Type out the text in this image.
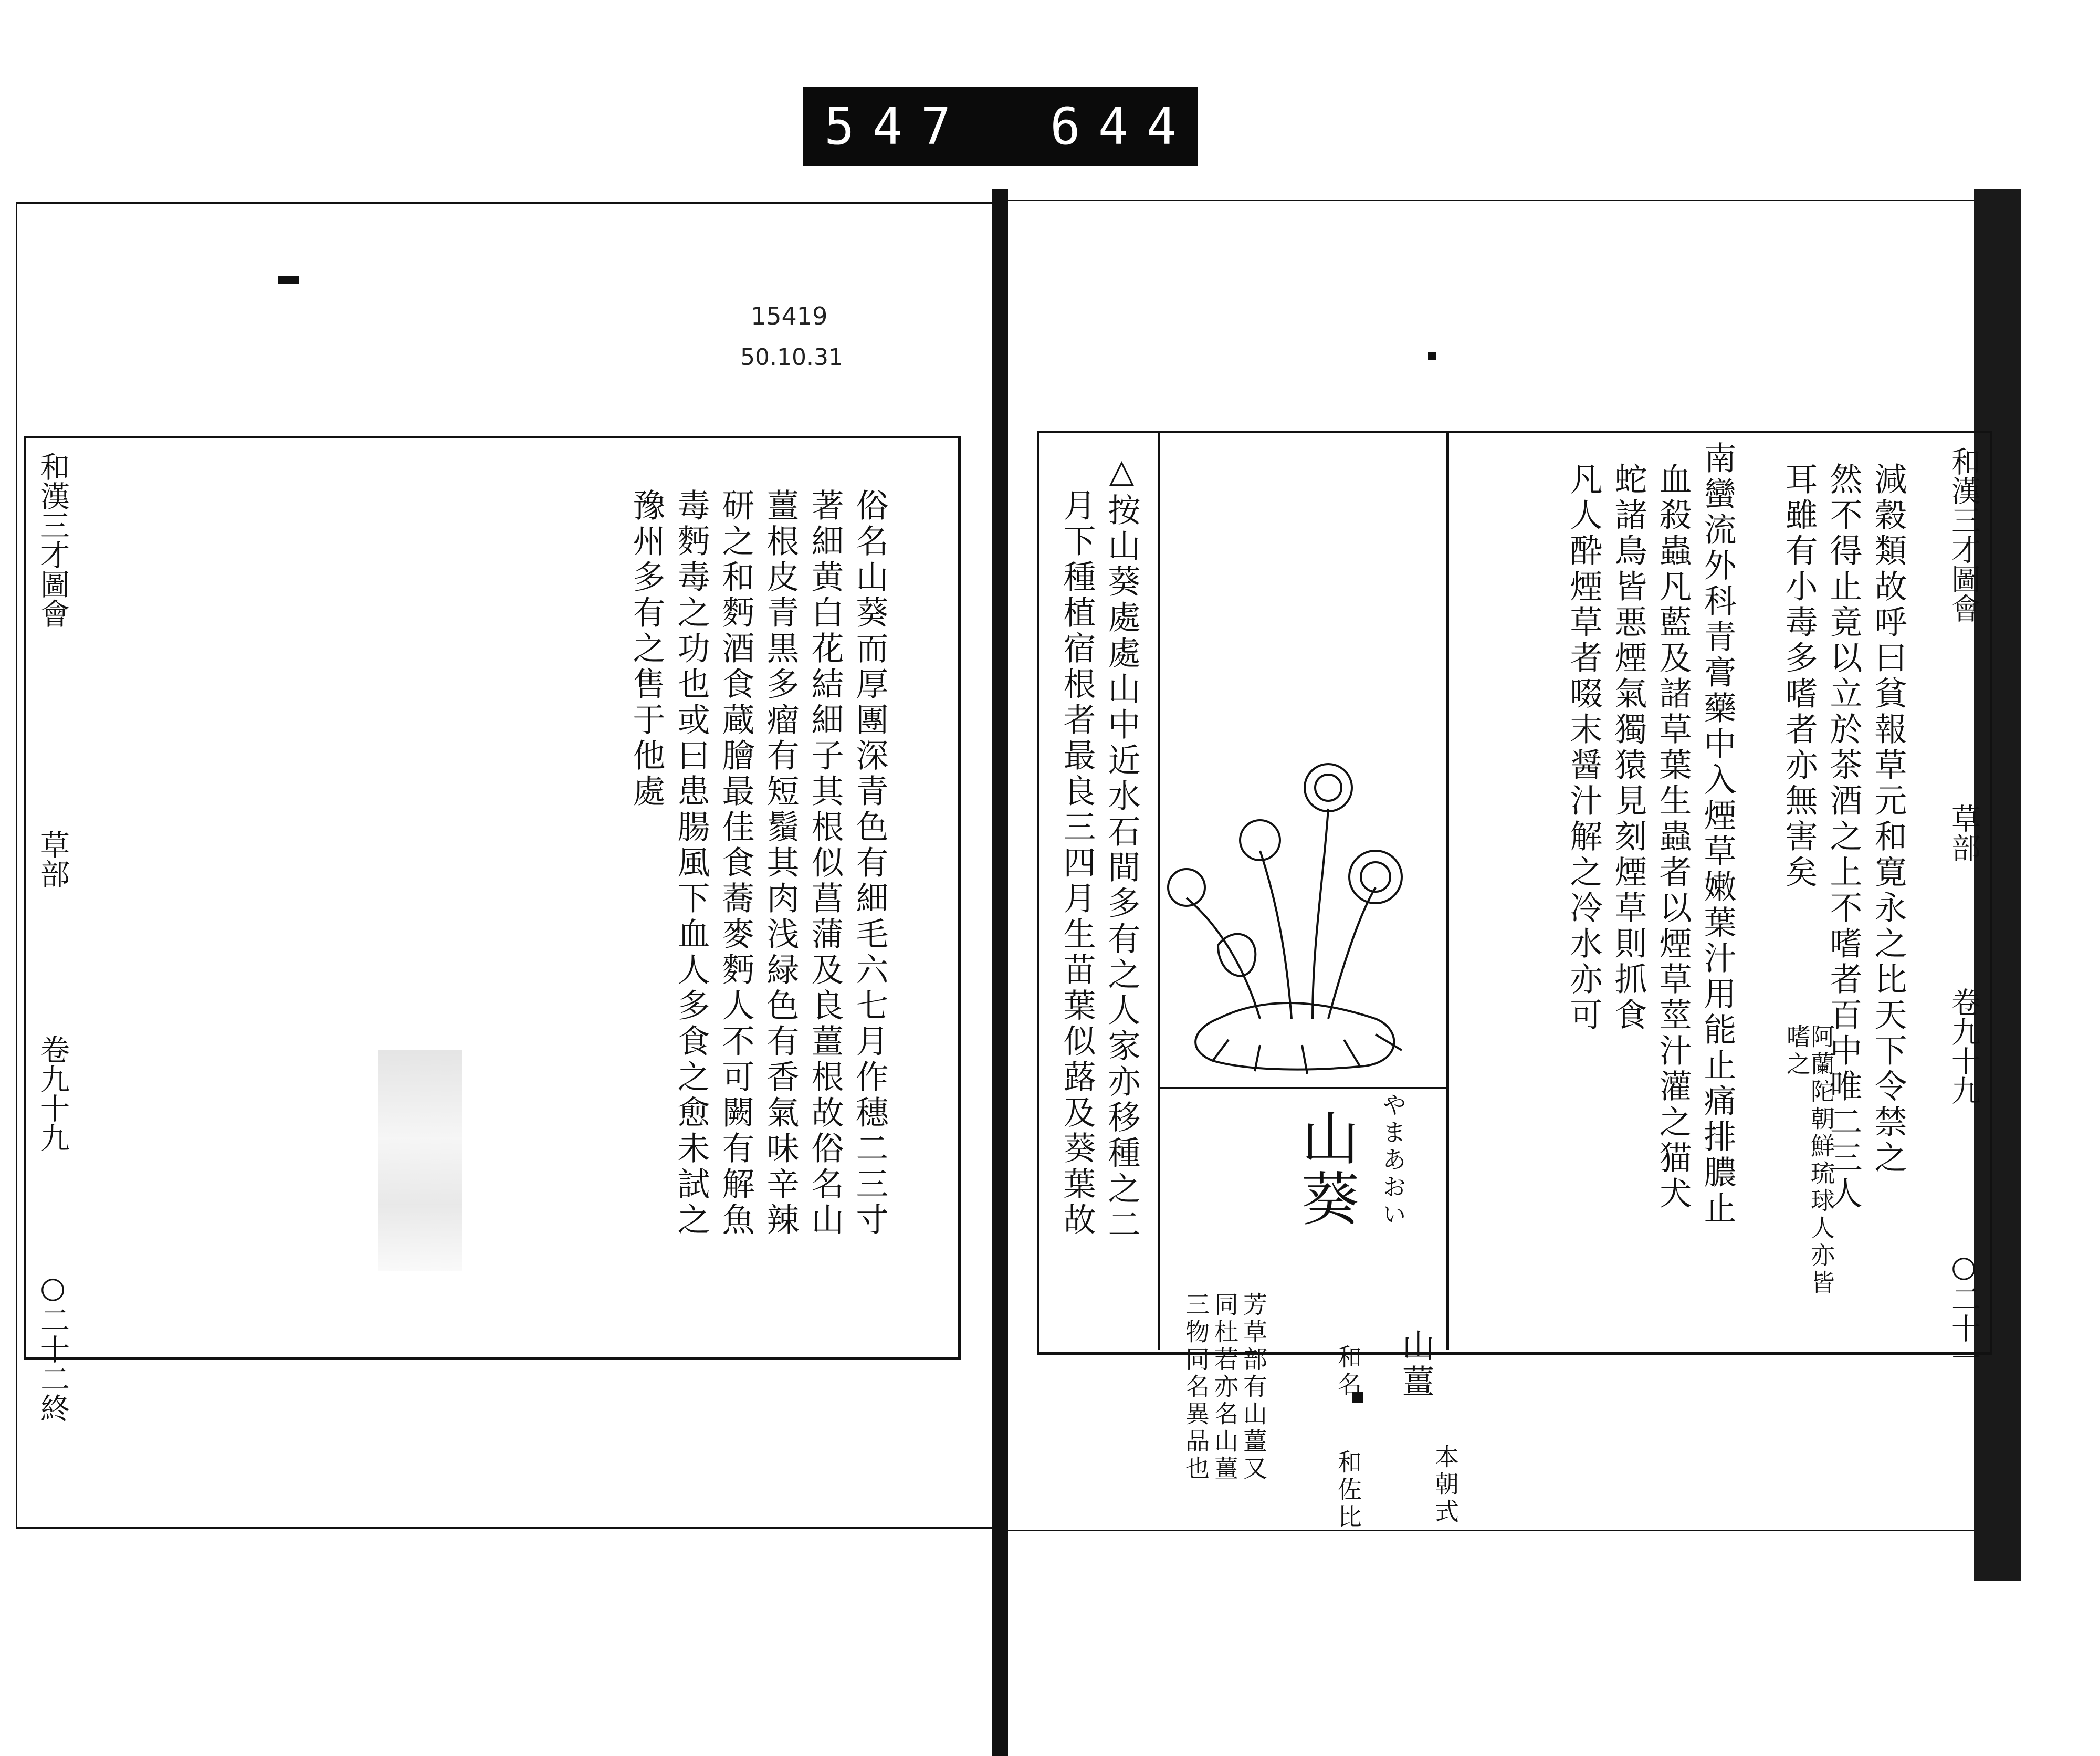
547 644
15419
50.10.31
和漢三才圖會
草部
卷九十九
○二十二終
俗名山葵而厚團深青色有細毛六七月作穗二三寸
著細黄白花結細子其根似菖蒲及良薑根故俗名山
薑根皮青黒多瘤有短鬚其肉浅緑色有香氣味辛辣
研之和麪酒食蔵膾最佳食蕎麥麪人不可闕有解魚
毒麪毒之功也或曰患腸風下血人多食之愈未試之
豫州多有之售于他處	和漢三才圖會
草部
卷九十九
○二十一
減穀類故呼曰貧報草元和寛永之比天下令禁之
然不得止竟以立於茶酒之上不嗜者百中唯二三人
耳雖有小毒多嗜者亦無害矣
阿蘭陀朝鮮琉球人亦皆嗜之
南蠻流外科青膏藥中入煙草嫩葉汁用能止痛排膿止
血殺蟲凡藍及諸草葉生蟲者以煙草莖汁灌之猫犬
蛇諸鳥皆悪煙氣獨猿見刻煙草則抓食
凡人酔煙草者啜末醤汁解之冷水亦可
山葵 やまあおい
山薑
本朝式
和名
和佐比
芳草部有山薑又
同杜若亦名山薑
三物同名異品也
△按山葵處處山中近水石間多有之人家亦移種之二
月下種植宿根者最良三四月生苗葉似蕗及葵葉故
